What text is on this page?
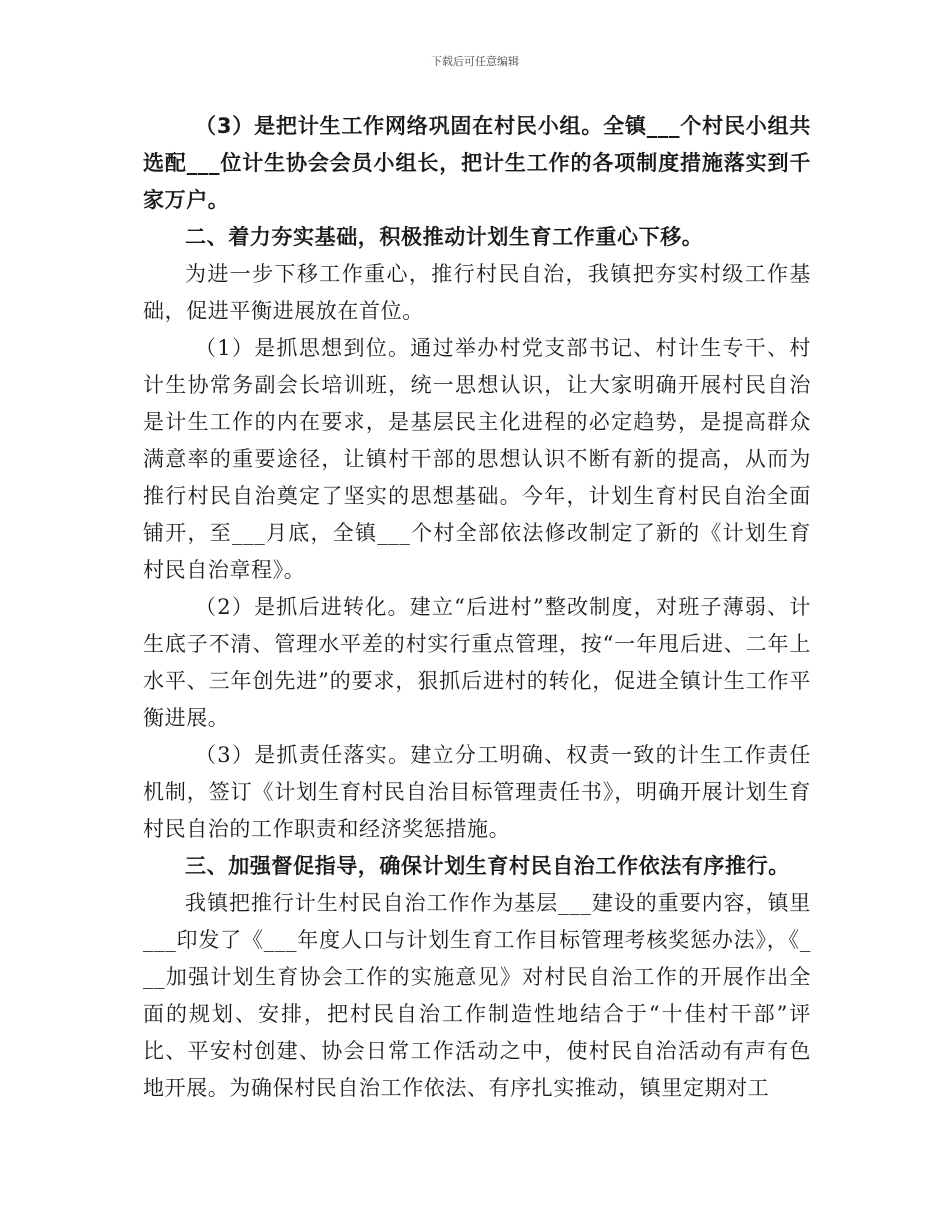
下载后可任意编辑

（3）是把计生工作网络巩固在村民小组。全镇___个村民小组共选配___位计生协会会员小组长，把计生工作的各项制度措施落实到千家万户。

二、着力夯实基础，积极推动计划生育工作重心下移。

为进一步下移工作重心，推行村民自治，我镇把夯实村级工作基础，促进平衡进展放在首位。

（1）是抓思想到位。通过举办村党支部书记、村计生专干、村计生协常务副会长培训班，统一思想认识，让大家明确开展村民自治是计生工作的内在要求，是基层民主化进程的必定趋势，是提高群众满意率的重要途径，让镇村干部的思想认识不断有新的提高，从而为推行村民自治奠定了坚实的思想基础。今年，计划生育村民自治全面铺开，至___月底，全镇___个村全部依法修改制定了新的《计划生育村民自治章程》。

（2）是抓后进转化。建立“后进村”整改制度，对班子薄弱、计生底子不清、管理水平差的村实行重点管理，按“一年甩后进、二年上水平、三年创先进”的要求，狠抓后进村的转化，促进全镇计生工作平衡进展。

（3）是抓责任落实。建立分工明确、权责一致的计生工作责任机制，签订《计划生育村民自治目标管理责任书》，明确开展计划生育村民自治的工作职责和经济奖惩措施。

三、加强督促指导，确保计划生育村民自治工作依法有序推行。

我镇把推行计生村民自治工作作为基层___建设的重要内容，镇里___印发了《___年度人口与计划生育工作目标管理考核奖惩办法》，《___加强计划生育协会工作的实施意见》对村民自治工作的开展作出全面的规划、安排，把村民自治工作制造性地结合于“十佳村干部”评比、平安村创建、协会日常工作活动之中，使村民自治活动有声有色地开展。为确保村民自治工作依法、有序扎实推动，镇里定期对工
